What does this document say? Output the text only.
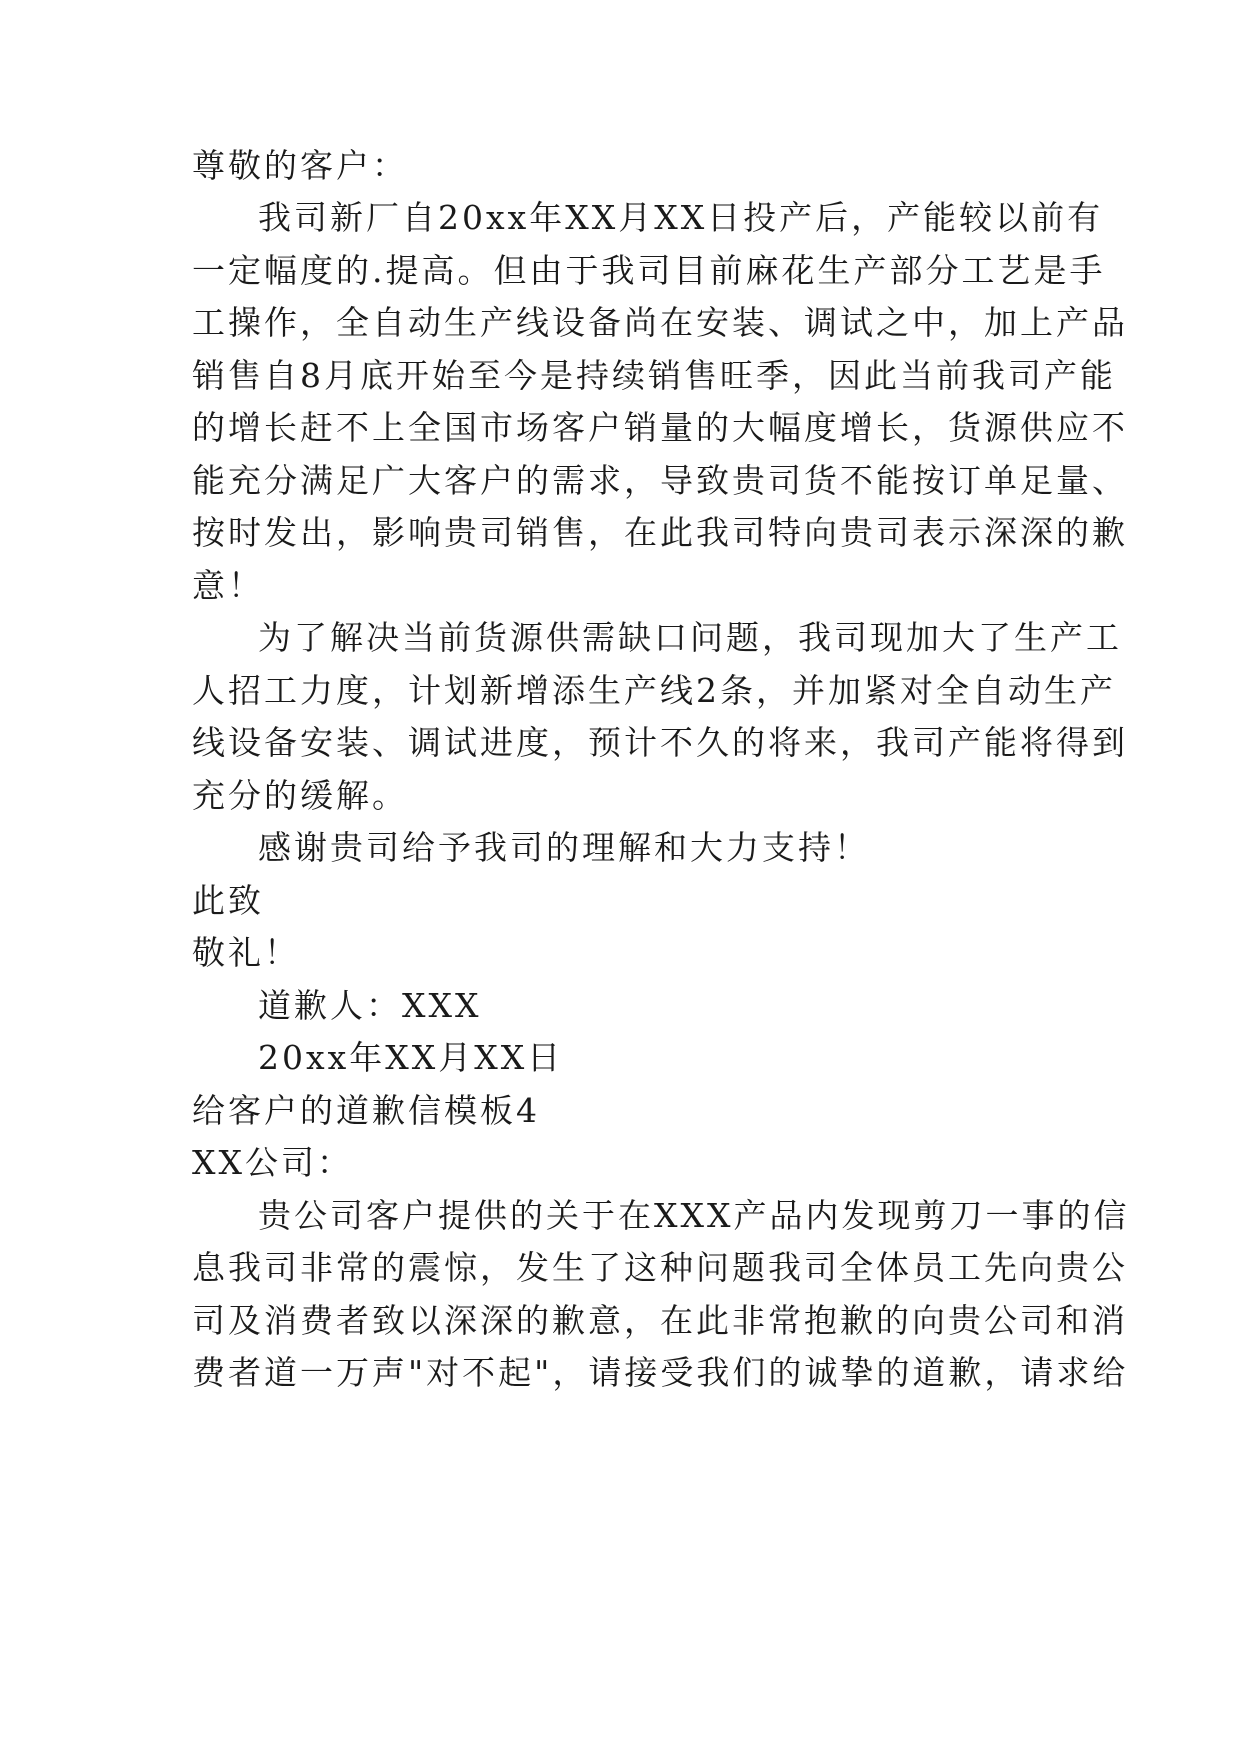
尊敬的客户：
我司新厂自20xx年XX月XX日投产后，产能较以前有
一定幅度的.提高。但由于我司目前麻花生产部分工艺是手
工操作，全自动生产线设备尚在安装、调试之中，加上产品
销售自8月底开始至今是持续销售旺季，因此当前我司产能
的增长赶不上全国市场客户销量的大幅度增长，货源供应不
能充分满足广大客户的需求，导致贵司货不能按订单足量、
按时发出，影响贵司销售，在此我司特向贵司表示深深的歉
意！
为了解决当前货源供需缺口问题，我司现加大了生产工
人招工力度，计划新增添生产线2条，并加紧对全自动生产
线设备安装、调试进度，预计不久的将来，我司产能将得到
充分的缓解。
感谢贵司给予我司的理解和大力支持！
此致
敬礼！
道歉人：XXX
20xx年XX月XX日
给客户的道歉信模板4
XX公司：
贵公司客户提供的关于在XXX产品内发现剪刀一事的信
息我司非常的震惊，发生了这种问题我司全体员工先向贵公
司及消费者致以深深的歉意，在此非常抱歉的向贵公司和消
费者道一万声"对不起"，请接受我们的诚挚的道歉，请求给
